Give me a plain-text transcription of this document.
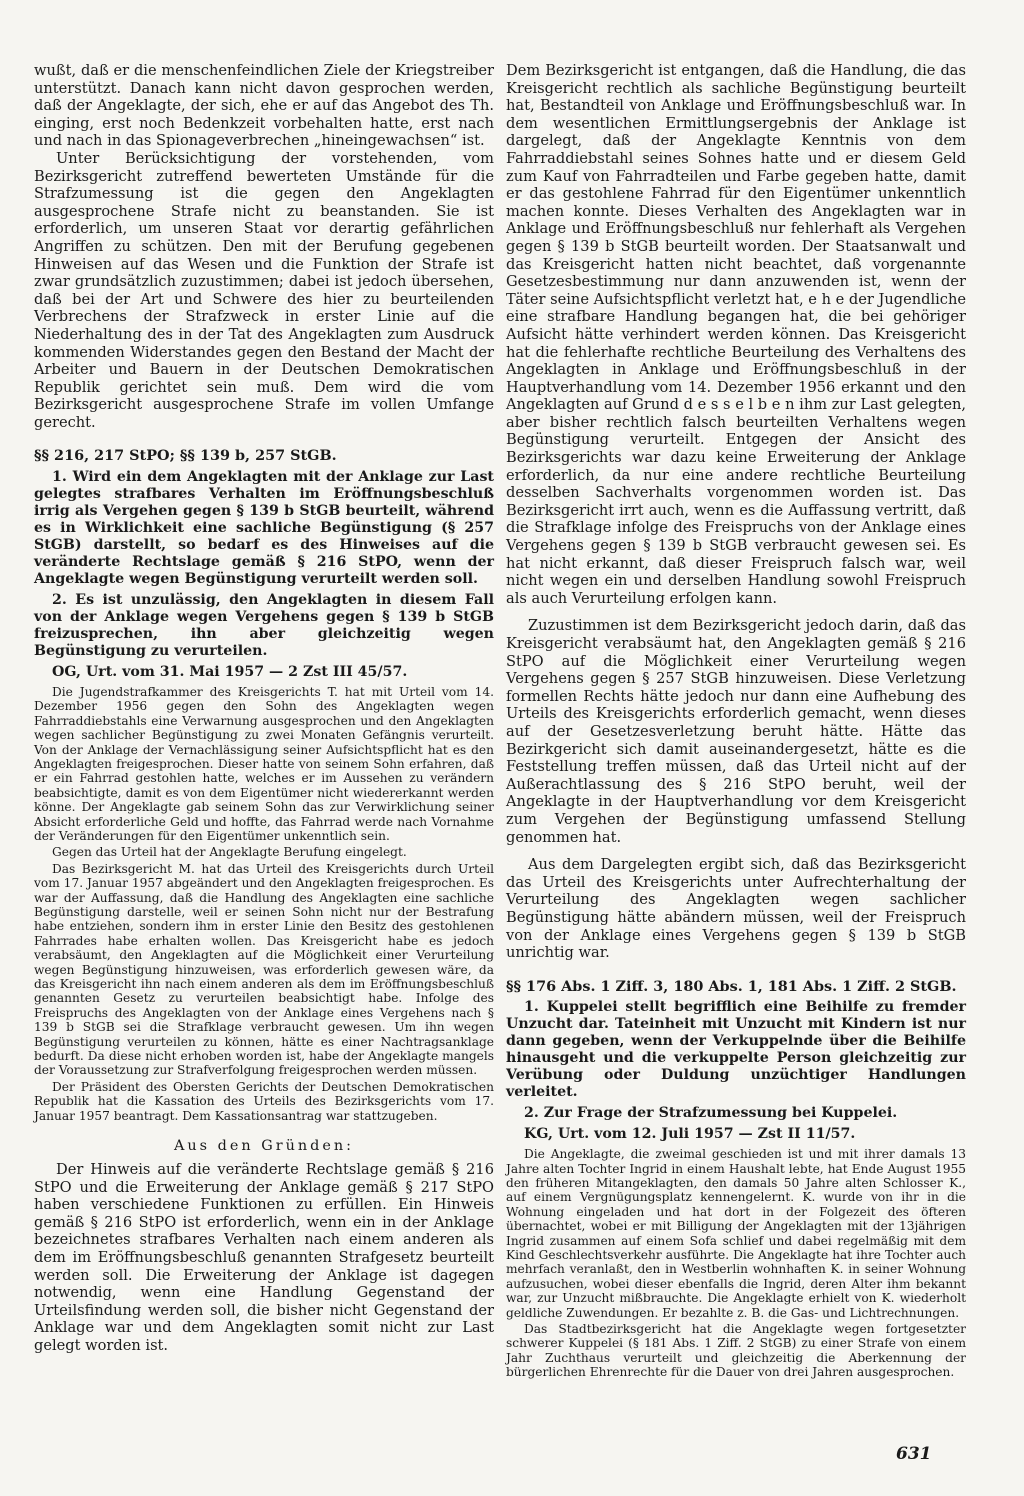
wußt, daß er die menschenfeindlichen Ziele der Kriegstreiber unterstützt. Danach kann nicht davon gesprochen werden, daß der Angeklagte, der sich, ehe er auf das Angebot des Th. einging, erst noch Bedenkzeit vorbehalten hatte, erst nach und nach in das Spionageverbrechen „hineingewachsen“ ist.

Unter Berücksichtigung der vorstehenden, vom Bezirksgericht zutreffend bewerteten Umstände für die Strafzumessung ist die gegen den Angeklagten ausgesprochene Strafe nicht zu beanstanden. Sie ist erforderlich, um unseren Staat vor derartig gefährlichen Angriffen zu schützen. Den mit der Berufung gegebenen Hinweisen auf das Wesen und die Funktion der Strafe ist zwar grundsätzlich zuzustimmen; dabei ist jedoch übersehen, daß bei der Art und Schwere des hier zu beurteilenden Verbrechens der Strafzweck in erster Linie auf die Niederhaltung des in der Tat des Angeklagten zum Ausdruck kommenden Widerstandes gegen den Bestand der Macht der Arbeiter und Bauern in der Deutschen Demokratischen Republik gerichtet sein muß. Dem wird die vom Bezirksgericht ausgesprochene Strafe im vollen Umfange gerecht.

§§ 216, 217 StPO; §§ 139 b, 257 StGB.

1. Wird ein dem Angeklagten mit der Anklage zur Last gelegtes strafbares Verhalten im Eröffnungsbeschluß irrig als Vergehen gegen § 139 b StGB beurteilt, während es in Wirklichkeit eine sachliche Begünstigung (§ 257 StGB) darstellt, so bedarf es des Hinweises auf die veränderte Rechtslage gemäß § 216 StPO, wenn der Angeklagte wegen Begünstigung verurteilt werden soll.

2. Es ist unzulässig, den Angeklagten in diesem Fall von der Anklage wegen Vergehens gegen § 139 b StGB freizusprechen, ihn aber gleichzeitig wegen Begünstigung zu verurteilen.

OG, Urt. vom 31. Mai 1957 — 2 Zst III 45/57.

Die Jugendstrafkammer des Kreisgerichts T. hat mit Urteil vom 14. Dezember 1956 gegen den Sohn des Angeklagten wegen Fahrraddiebstahls eine Verwarnung ausgesprochen und den Angeklagten wegen sachlicher Begünstigung zu zwei Monaten Gefängnis verurteilt. Von der Anklage der Vernachlässigung seiner Aufsichtspflicht hat es den Angeklagten freigesprochen. Dieser hatte von seinem Sohn erfahren, daß er ein Fahrrad gestohlen hatte, welches er im Aussehen zu verändern beabsichtigte, damit es von dem Eigentümer nicht wiedererkannt werden könne. Der Angeklagte gab seinem Sohn das zur Verwirklichung seiner Absicht erforderliche Geld und hoffte, das Fahrrad werde nach Vornahme der Veränderungen für den Eigentümer unkenntlich sein.

Gegen das Urteil hat der Angeklagte Berufung eingelegt.

Das Bezirksgericht M. hat das Urteil des Kreisgerichts durch Urteil vom 17. Januar 1957 abgeändert und den Angeklagten freigesprochen. Es war der Auffassung, daß die Handlung des Angeklagten eine sachliche Begünstigung darstelle, weil er seinen Sohn nicht nur der Bestrafung habe entziehen, sondern ihm in erster Linie den Besitz des gestohlenen Fahrrades habe erhalten wollen. Das Kreisgericht habe es jedoch verabsäumt, den Angeklagten auf die Möglichkeit einer Verurteilung wegen Begünstigung hinzuweisen, was erforderlich gewesen wäre, da das Kreisgericht ihn nach einem anderen als dem im Eröffnungsbeschluß genannten Gesetz zu verurteilen beabsichtigt habe. Infolge des Freispruchs des Angeklagten von der Anklage eines Vergehens nach § 139 b StGB sei die Strafklage verbraucht gewesen. Um ihn wegen Begünstigung verurteilen zu können, hätte es einer Nachtragsanklage bedurft. Da diese nicht erhoben worden ist, habe der Angeklagte mangels der Voraussetzung zur Strafverfolgung freigesprochen werden müssen.

Der Präsident des Obersten Gerichts der Deutschen Demokratischen Republik hat die Kassation des Urteils des Bezirksgerichts vom 17. Januar 1957 beantragt. Dem Kassationsantrag war stattzugeben.

Aus den Gründen:

Der Hinweis auf die veränderte Rechtslage gemäß § 216 StPO und die Erweiterung der Anklage gemäß § 217 StPO haben verschiedene Funktionen zu erfüllen. Ein Hinweis gemäß § 216 StPO ist erforderlich, wenn ein in der Anklage bezeichnetes strafbares Verhalten nach einem anderen als dem im Eröffnungsbeschluß genannten Strafgesetz beurteilt werden soll. Die Erweiterung der Anklage ist dagegen notwendig, wenn eine Handlung Gegenstand der Urteilsfindung werden soll, die bisher nicht Gegenstand der Anklage war und dem Angeklagten somit nicht zur Last gelegt worden ist.

Dem Bezirksgericht ist entgangen, daß die Handlung, die das Kreisgericht rechtlich als sachliche Begünstigung beurteilt hat, Bestandteil von Anklage und Eröffnungsbeschluß war. In dem wesentlichen Ermittlungsergebnis der Anklage ist dargelegt, daß der Angeklagte Kenntnis von dem Fahrraddiebstahl seines Sohnes hatte und er diesem Geld zum Kauf von Fahrradteilen und Farbe gegeben hatte, damit er das gestohlene Fahrrad für den Eigentümer unkenntlich machen konnte. Dieses Verhalten des Angeklagten war in Anklage und Eröffnungsbeschluß nur fehlerhaft als Vergehen gegen § 139 b StGB beurteilt worden. Der Staatsanwalt und das Kreisgericht hatten nicht beachtet, daß vorgenannte Gesetzesbestimmung nur dann anzuwenden ist, wenn der Täter seine Aufsichtspflicht verletzt hat, e h e der Jugendliche eine strafbare Handlung begangen hat, die bei gehöriger Aufsicht hätte verhindert werden können. Das Kreisgericht hat die fehlerhafte rechtliche Beurteilung des Verhaltens des Angeklagten in Anklage und Eröffnungsbeschluß in der Hauptverhandlung vom 14. Dezember 1956 erkannt und den Angeklagten auf Grund d e s s e l b e n ihm zur Last gelegten, aber bisher rechtlich falsch beurteilten Verhaltens wegen Begünstigung verurteilt. Entgegen der Ansicht des Bezirksgerichts war dazu keine Erweiterung der Anklage erforderlich, da nur eine andere rechtliche Beurteilung desselben Sachverhalts vorgenommen worden ist. Das Bezirksgericht irrt auch, wenn es die Auffassung vertritt, daß die Strafklage infolge des Freispruchs von der Anklage eines Vergehens gegen § 139 b StGB verbraucht gewesen sei. Es hat nicht erkannt, daß dieser Freispruch falsch war, weil nicht wegen ein und derselben Handlung sowohl Freispruch als auch Verurteilung erfolgen kann.

Zuzustimmen ist dem Bezirksgericht jedoch darin, daß das Kreisgericht verabsäumt hat, den Angeklagten gemäß § 216 StPO auf die Möglichkeit einer Verurteilung wegen Vergehens gegen § 257 StGB hinzuweisen. Diese Verletzung formellen Rechts hätte jedoch nur dann eine Aufhebung des Urteils des Kreisgerichts erforderlich gemacht, wenn dieses auf der Gesetzesverletzung beruht hätte. Hätte das Bezirkgericht sich damit auseinandergesetzt, hätte es die Feststellung treffen müssen, daß das Urteil nicht auf der Außerachtlassung des § 216 StPO beruht, weil der Angeklagte in der Hauptverhandlung vor dem Kreisgericht zum Vergehen der Begünstigung umfassend Stellung genommen hat.

Aus dem Dargelegten ergibt sich, daß das Bezirksgericht das Urteil des Kreisgerichts unter Aufrechterhaltung der Verurteilung des Angeklagten wegen sachlicher Begünstigung hätte abändern müssen, weil der Freispruch von der Anklage eines Vergehens gegen § 139 b StGB unrichtig war.

§§ 176 Abs. 1 Ziff. 3, 180 Abs. 1, 181 Abs. 1 Ziff. 2 StGB.

1. Kuppelei stellt begrifflich eine Beihilfe zu fremder Unzucht dar. Tateinheit mit Unzucht mit Kindern ist nur dann gegeben, wenn der Verkuppelnde über die Beihilfe hinausgeht und die verkuppelte Person gleichzeitig zur Verübung oder Duldung unzüchtiger Handlungen verleitet.

2. Zur Frage der Strafzumessung bei Kuppelei.

KG, Urt. vom 12. Juli 1957 — Zst II 11/57.

Die Angeklagte, die zweimal geschieden ist und mit ihrer damals 13 Jahre alten Tochter Ingrid in einem Haushalt lebte, hat Ende August 1955 den früheren Mitangeklagten, den damals 50 Jahre alten Schlosser K., auf einem Vergnügungsplatz kennengelernt. K. wurde von ihr in die Wohnung eingeladen und hat dort in der Folgezeit des öfteren übernachtet, wobei er mit Billigung der Angeklagten mit der 13jährigen Ingrid zusammen auf einem Sofa schlief und dabei regelmäßig mit dem Kind Geschlechtsverkehr ausführte. Die Angeklagte hat ihre Tochter auch mehrfach veranlaßt, den in Westberlin wohnhaften K. in seiner Wohnung aufzusuchen, wobei dieser ebenfalls die Ingrid, deren Alter ihm bekannt war, zur Unzucht mißbrauchte. Die Angeklagte erhielt von K. wiederholt geldliche Zuwendungen. Er bezahlte z. B. die Gas- und Lichtrechnungen.

Das Stadtbezirksgericht hat die Angeklagte wegen fortgesetzter schwerer Kuppelei (§ 181 Abs. 1 Ziff. 2 StGB) zu einer Strafe von einem Jahr Zuchthaus verurteilt und gleichzeitig die Aberkennung der bürgerlichen Ehrenrechte für die Dauer von drei Jahren ausgesprochen.

631
